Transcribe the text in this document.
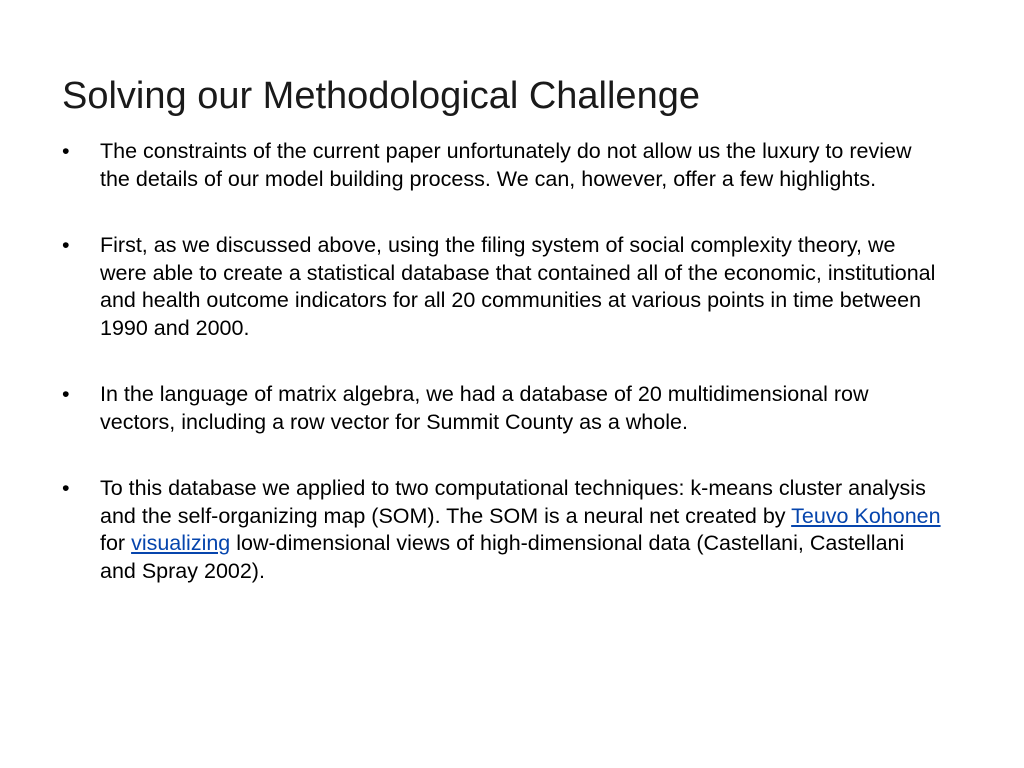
Solving our Methodological Challenge
• The constraints of the current paper unfortunately do not allow us the luxury to review the details of our model building process. We can, however, offer a few highlights.
• First, as we discussed above, using the filing system of social complexity theory, we were able to create a statistical database that contained all of the economic, institutional and health outcome indicators for all 20 communities at various points in time between 1990 and 2000.
• In the language of matrix algebra, we had a database of 20 multidimensional row vectors, including a row vector for Summit County as a whole.
• To this database we applied to two computational techniques: k-means cluster analysis and the self-organizing map (SOM). The SOM is a neural net created by Teuvo Kohonen for visualizing low-dimensional views of high-dimensional data (Castellani, Castellani and Spray 2002).
